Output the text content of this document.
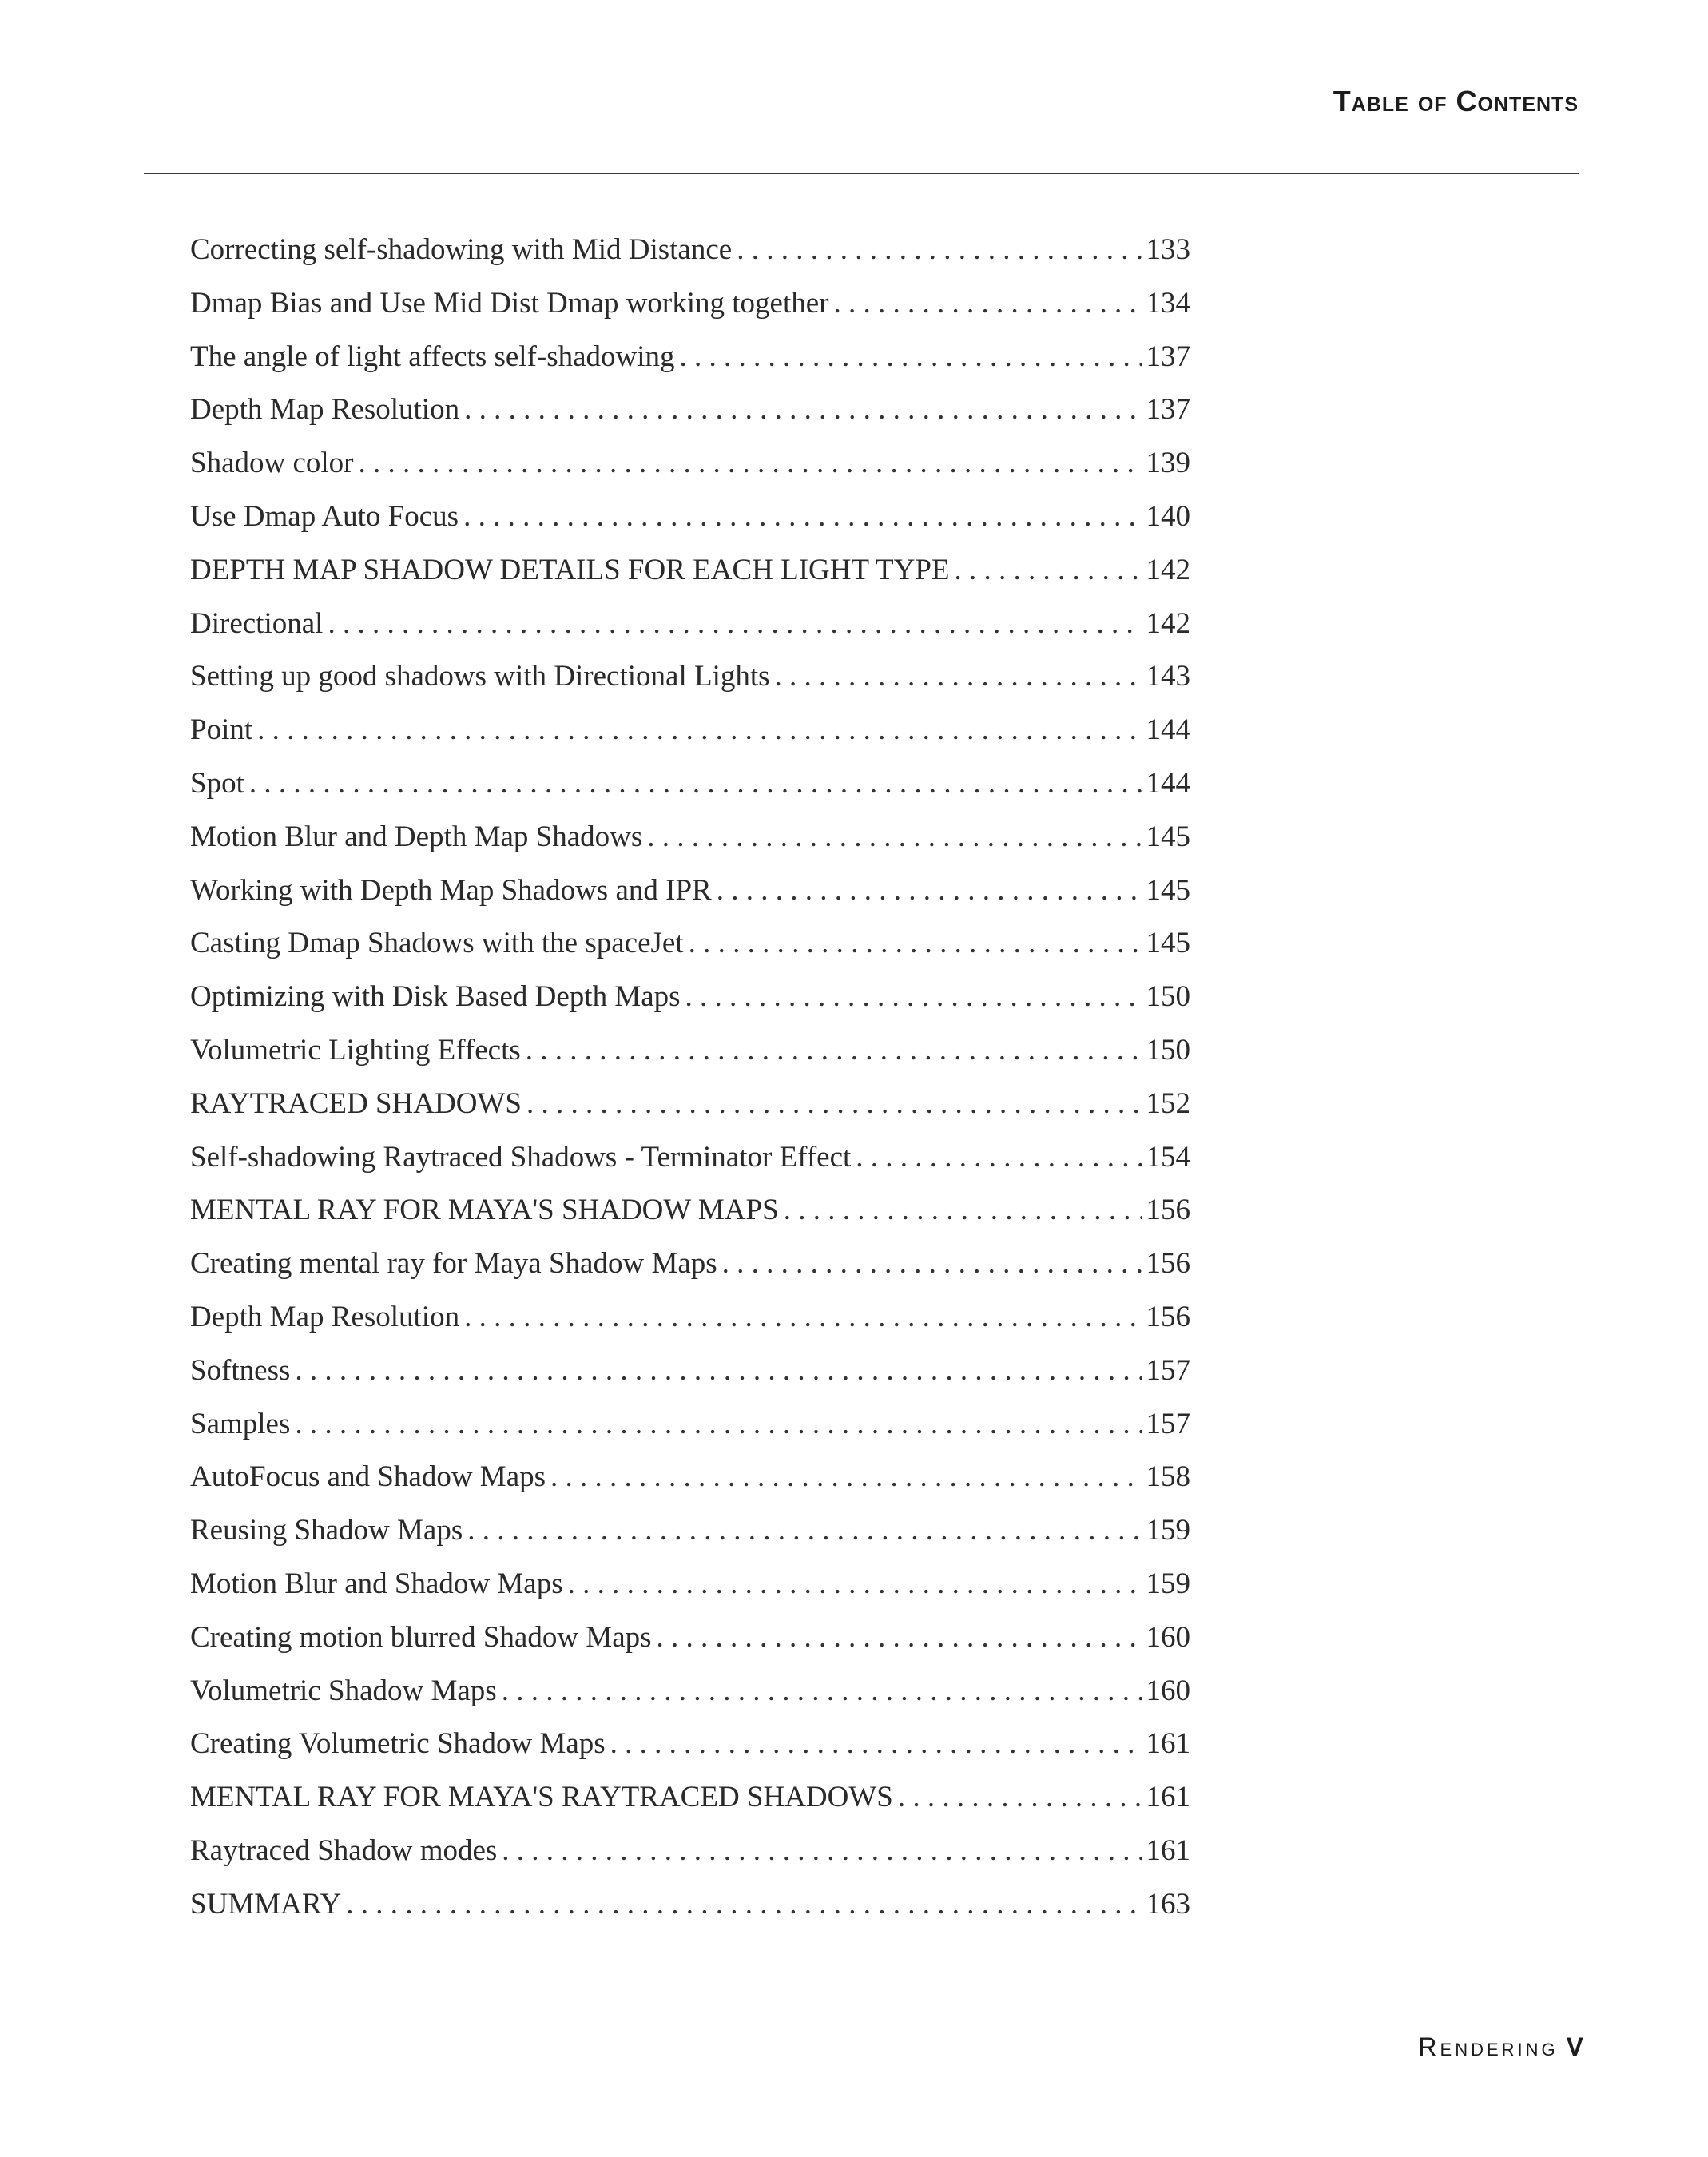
Table of Contents
Correcting self-shadowing with Mid Distance . . .	133
Dmap Bias and Use Mid Dist Dmap working together . . .	134
The angle of light affects self-shadowing . . .	137
Depth Map Resolution . . .	137
Shadow color . . .	139
Use Dmap Auto Focus . . .	140
DEPTH MAP SHADOW DETAILS FOR EACH LIGHT TYPE . . .	142
Directional . . .	142
Setting up good shadows with Directional Lights . . .	143
Point . . .	144
Spot . . .	144
Motion Blur and Depth Map Shadows . . .	145
Working with Depth Map Shadows and IPR . . .	145
Casting Dmap Shadows with the spaceJet . . .	145
Optimizing with Disk Based Depth Maps . . .	150
Volumetric Lighting Effects . . .	150
RAYTRACED SHADOWS . . .	152
Self-shadowing Raytraced Shadows - Terminator Effect . . .	154
MENTAL RAY FOR MAYA'S SHADOW MAPS . . .	156
Creating mental ray for Maya Shadow Maps . . .	156
Depth Map Resolution . . .	156
Softness . . .	157
Samples . . .	157
AutoFocus and Shadow Maps . . .	158
Reusing Shadow Maps . . .	159
Motion Blur and Shadow Maps . . .	159
Creating motion blurred Shadow Maps . . .	160
Volumetric Shadow Maps . . .	160
Creating Volumetric Shadow Maps . . .	161
MENTAL RAY FOR MAYA'S RAYTRACED SHADOWS . . .	161
Raytraced Shadow modes . . .	161
SUMMARY . . .	163
Rendering V
